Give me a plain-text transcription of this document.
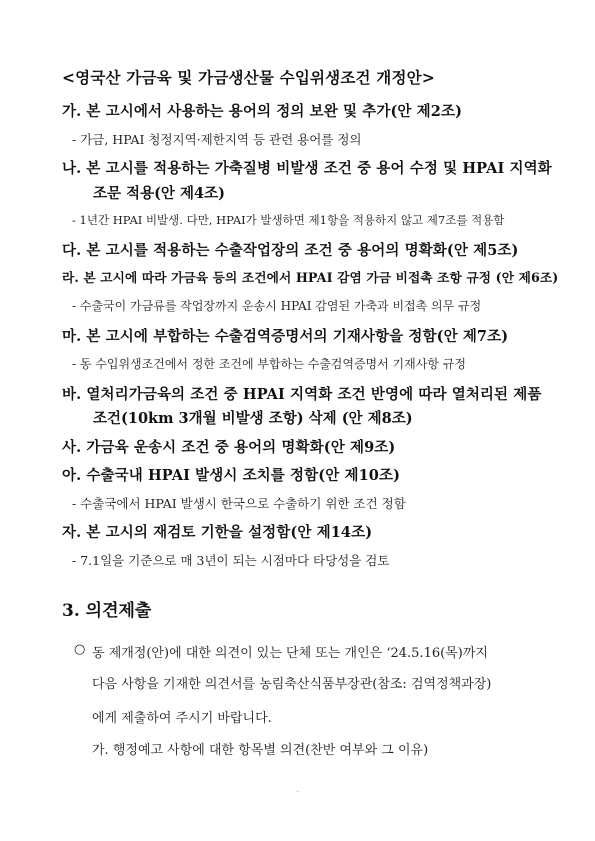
<영국산 가금육 및 가금생산물 수입위생조건 개정안>
가. 본 고시에서 사용하는 용어의 정의 보완 및 추가(안 제2조)
- 가금, HPAI 청정지역·제한지역 등 관련 용어를 정의
나. 본 고시를 적용하는 가축질병 비발생 조건 중 용어 수정 및 HPAI 지역화
조문 적용(안 제4조)
- 1년간 HPAI 비발생. 다만, HPAI가 발생하면 제1항을 적용하지 않고 제7조를 적용함
다. 본 고시를 적용하는 수출작업장의 조건 중 용어의 명확화(안 제5조)
라. 본 고시에 따라 가금육 등의 조건에서 HPAI 감염 가금 비접촉 조항 규정 (안 제6조)
- 수출국이 가금류를 작업장까지 운송시 HPAI 감염된 가축과 비접촉 의무 규정
마. 본 고시에 부합하는 수출검역증명서의 기재사항을 정함(안 제7조)
- 동 수입위생조건에서 정한 조건에 부합하는 수출검역증명서 기재사항 규정
바. 열처리가금육의 조건 중 HPAI 지역화 조건 반영에 따라 열처리된 제품
조건(10km 3개월 비발생 조항) 삭제 (안 제8조)
사. 가금육 운송시 조건 중 용어의 명확화(안 제9조)
아. 수출국내 HPAI 발생시 조치를 정함(안 제10조)
- 수출국에서 HPAI 발생시 한국으로 수출하기 위한 조건 정함
자. 본 고시의 재검토 기한을 설정함(안 제14조)
- 7.1일을 기준으로 매 3년이 되는 시점마다 타당성을 검토
3. 의견제출
○ 동 제개정(안)에 대한 의견이 있는 단체 또는 개인은 ‘24.5.16(목)까지
다음 사항을 기재한 의견서를 농림축산식품부장관(참조: 검역정책과장)
에게 제출하여 주시기 바랍니다.
가. 행정예고 사항에 대한 항목별 의견(찬반 여부와 그 이유)
- 4 -
